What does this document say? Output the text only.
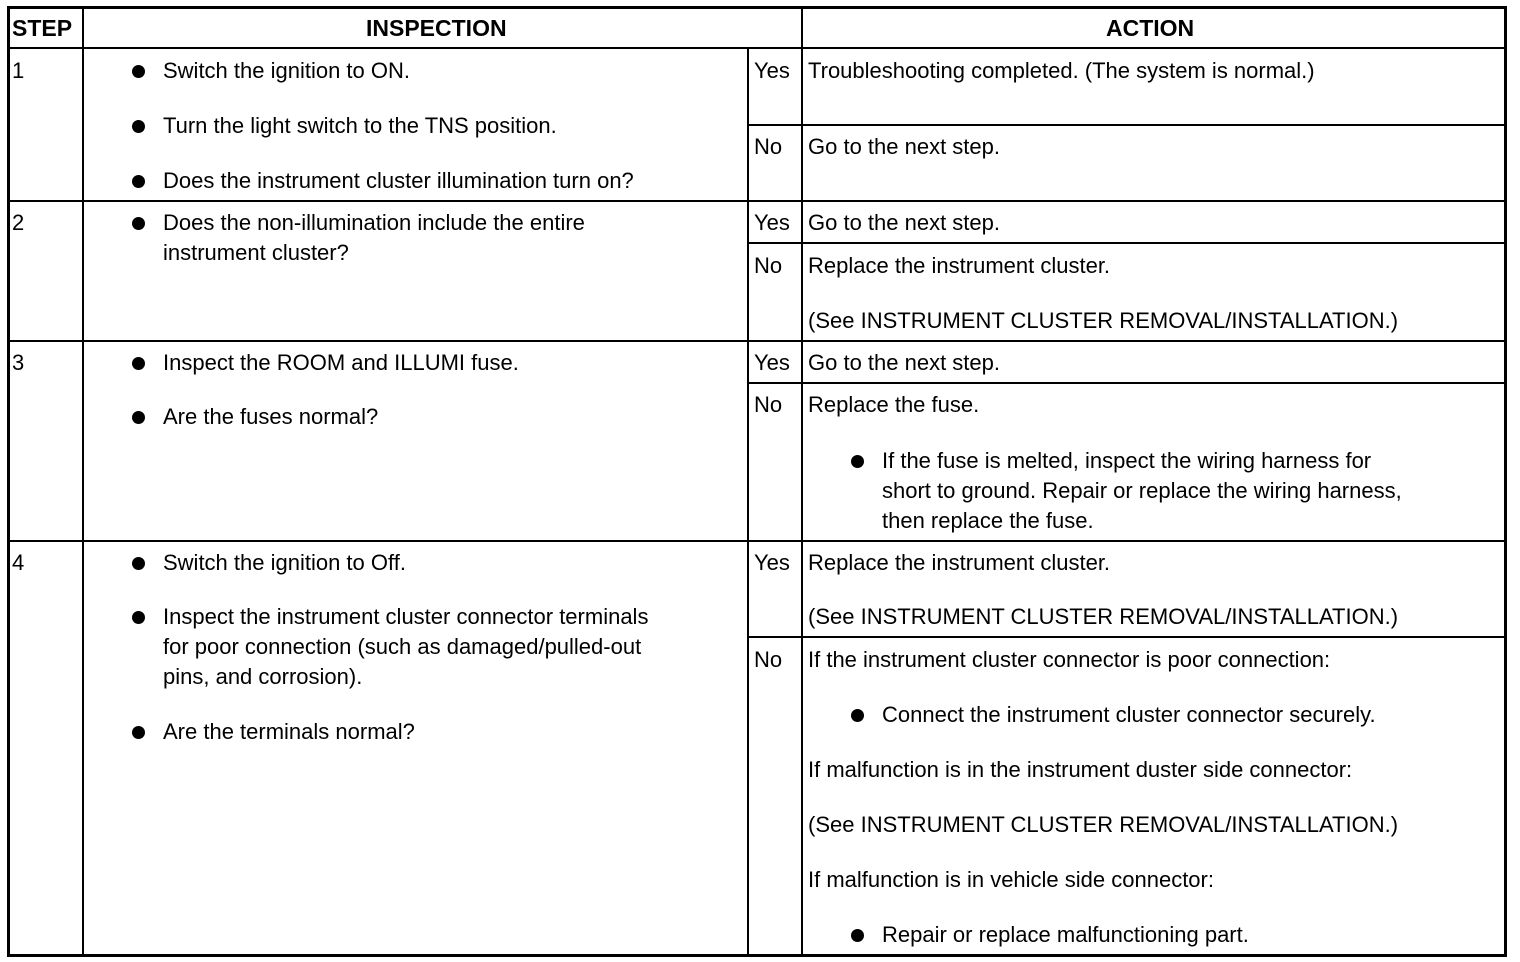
STEP	INSPECTION	ACTION
1	Switch the ignition to ON.
Turn the light switch to the TNS position.
Does the instrument cluster illumination turn on?
Yes Troubleshooting completed. (The system is normal.)
No Go to the next step.
2	Does the non-illumination include the entire
instrument cluster?
Yes Go to the next step.
No Replace the instrument cluster.
(See INSTRUMENT CLUSTER REMOVAL/INSTALLATION.)
3	Inspect the ROOM and ILLUMI fuse.
Are the fuses normal?
Yes Go to the next step.
No Replace the fuse.
If the fuse is melted, inspect the wiring harness for
short to ground. Repair or replace the wiring harness,
then replace the fuse.
4	Switch the ignition to Off.
Inspect the instrument cluster connector terminals
for poor connection (such as damaged/pulled-out
pins, and corrosion).
Are the terminals normal?
Yes Replace the instrument cluster.
(See INSTRUMENT CLUSTER REMOVAL/INSTALLATION.)
No If the instrument cluster connector is poor connection:
Connect the instrument cluster connector securely.
If malfunction is in the instrument duster side connector:
(See INSTRUMENT CLUSTER REMOVAL/INSTALLATION.)
If malfunction is in vehicle side connector:
Repair or replace malfunctioning part.
